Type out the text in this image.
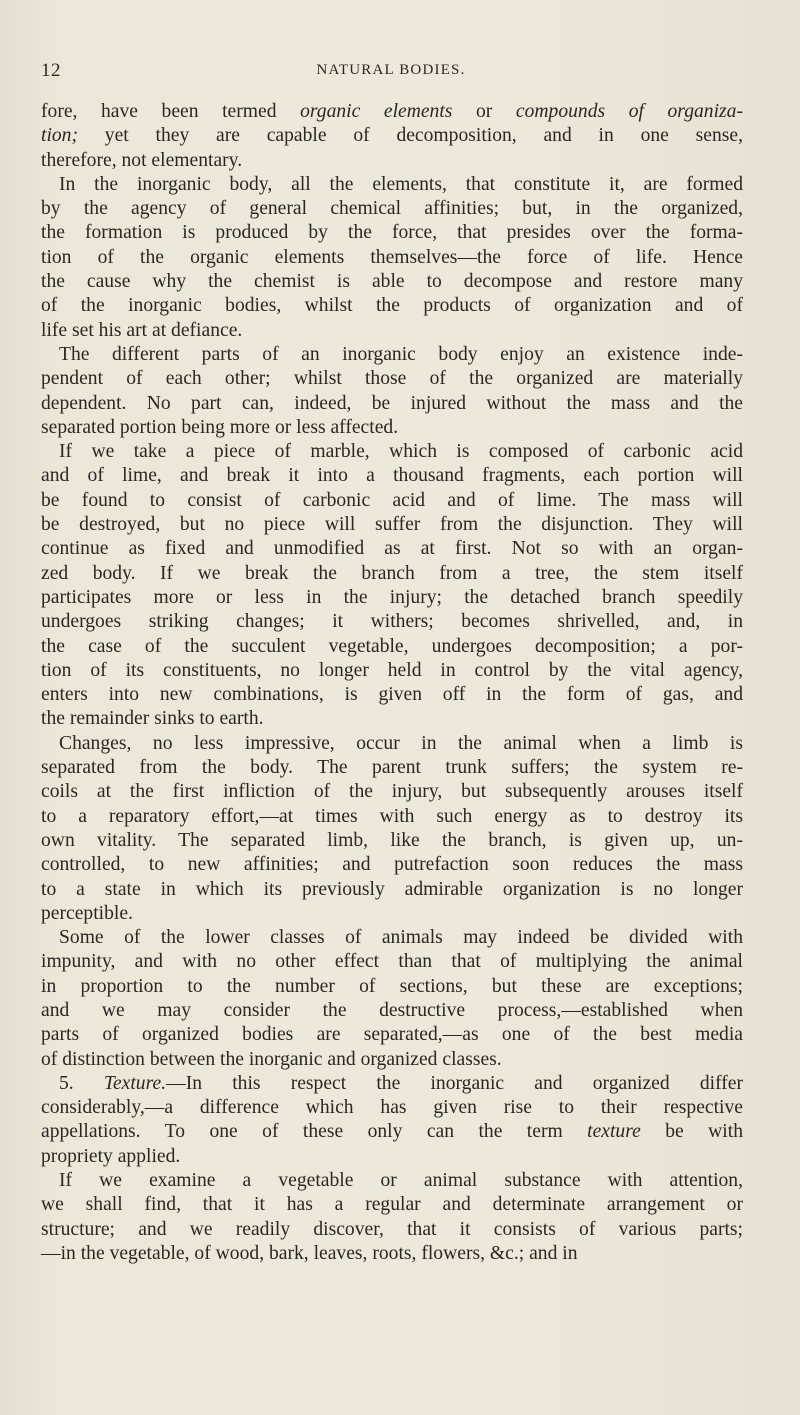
12	NATURAL BODIES.
fore, have been termed organic elements or compounds of organiza-
tion; yet they are capable of decomposition, and in one sense,
therefore, not elementary.
In the inorganic body, all the elements, that constitute it, are formed
by the agency of general chemical affinities; but, in the organized,
the formation is produced by the force, that presides over the forma-
tion of the organic elements themselves—the force of life. Hence
the cause why the chemist is able to decompose and restore many
of the inorganic bodies, whilst the products of organization and of
life set his art at defiance.
The different parts of an inorganic body enjoy an existence inde-
pendent of each other; whilst those of the organized are materially
dependent. No part can, indeed, be injured without the mass and the
separated portion being more or less affected.
If we take a piece of marble, which is composed of carbonic acid
and of lime, and break it into a thousand fragments, each portion will
be found to consist of carbonic acid and of lime. The mass will
be destroyed, but no piece will suffer from the disjunction. They will
continue as fixed and unmodified as at first. Not so with an organ-
zed body. If we break the branch from a tree, the stem itself
participates more or less in the injury; the detached branch speedily
undergoes striking changes; it withers; becomes shrivelled, and, in
the case of the succulent vegetable, undergoes decomposition; a por-
tion of its constituents, no longer held in control by the vital agency,
enters into new combinations, is given off in the form of gas, and
the remainder sinks to earth.
Changes, no less impressive, occur in the animal when a limb is
separated from the body. The parent trunk suffers; the system re-
coils at the first infliction of the injury, but subsequently arouses itself
to a reparatory effort,—at times with such energy as to destroy its
own vitality. The separated limb, like the branch, is given up, un-
controlled, to new affinities; and putrefaction soon reduces the mass
to a state in which its previously admirable organization is no longer
perceptible.
Some of the lower classes of animals may indeed be divided with
impunity, and with no other effect than that of multiplying the animal
in proportion to the number of sections, but these are exceptions;
and we may consider the destructive process,—established when
parts of organized bodies are separated,—as one of the best media
of distinction between the inorganic and organized classes.
5. Texture.—In this respect the inorganic and organized differ
considerably,—a difference which has given rise to their respective
appellations. To one of these only can the term texture be with
propriety applied.
If we examine a vegetable or animal substance with attention,
we shall find, that it has a regular and determinate arrangement or
structure; and we readily discover, that it consists of various parts;
—in the vegetable, of wood, bark, leaves, roots, flowers, &c.; and in
